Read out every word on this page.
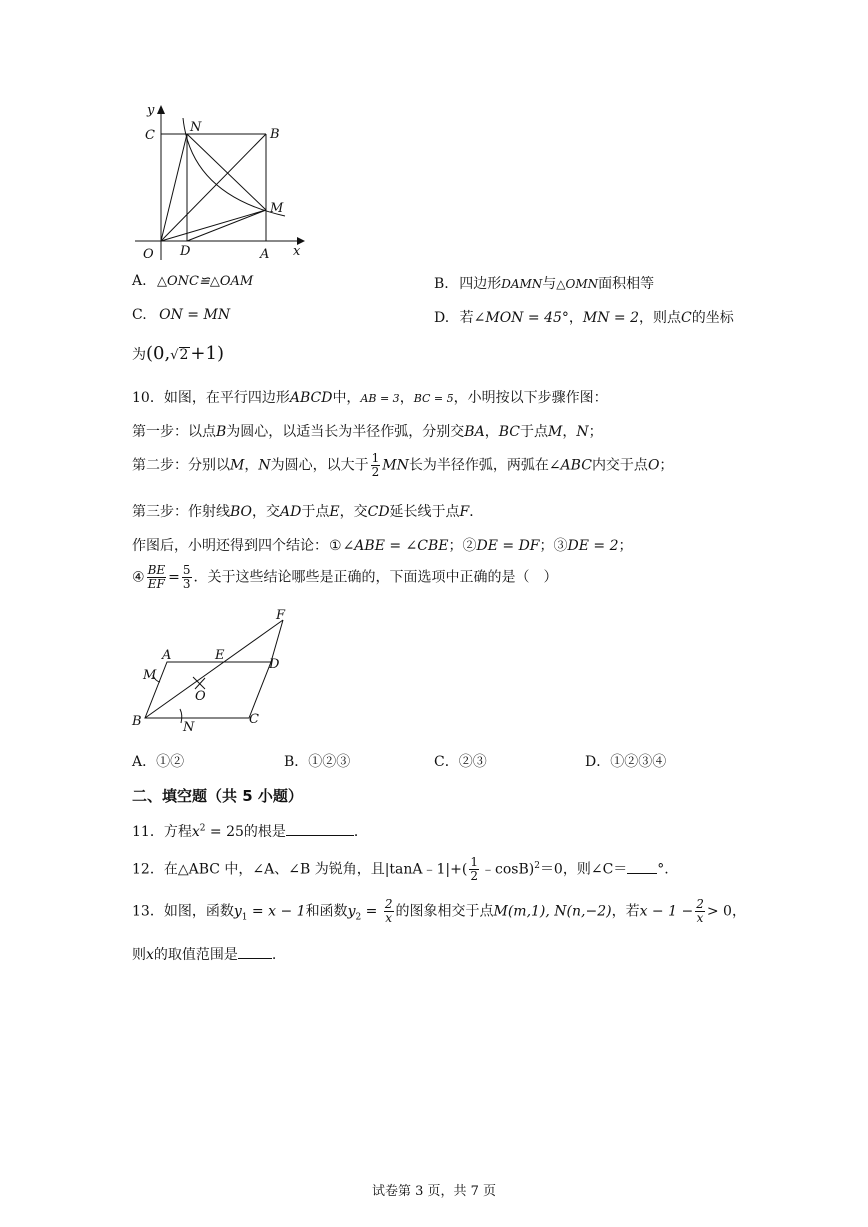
y
C
N	B
M
O D	A x
A. △ONC≌△OAM	B. 四边形DAMN与△OMN面积相等
C. ON = MN	D. 若∠MON = 45°，MN = 2，则点C的坐标
为(0,√2 +1)
10．如图，在平行四边形ABCD中，AB = 3，BC = 5，小明按以下步骤作图：
第一步：以点B为圆心，以适当长为半径作弧，分别交BA，BC于点M，N；
第二步：分别以M，N为圆心，以大于 $\frac{1}{2}$ MN长为半径作弧，两弧在∠ABC内交于点O；
第三步：作射线BO，交AD于点E，交CD延长线于点F．
作图后，小明还得到四个结论：①∠ABE = ∠CBE；②DE = DF；③DE = 2；
④ $\frac{BE}{EF} = \frac{5}{3}$ ．关于这些结论哪些是正确的，下面选项中正确的是（　）
F
A	E
D
M
O
B	N
C
A．①②	B．①②③	C．②③	D．①②③④
二、填空题（共 5 小题）
11．方程$x^2 = 25$的根是	．
12．在△ABC 中，∠A、∠B 为锐角，且|tanA﹣1|+( $\frac{1}{2}$ ﹣cosB)$^2$＝0，则∠C＝ °.
13．如图，函数$y_1 = x - 1$和函数$y_2 = \frac{2}{x}$ 的图象相交于点M(m,1), N(n,−2)，若$x - 1 - \frac{2}{x} > 0$，
则x的取值范围是 .
试卷第 3 页，共 7 页
